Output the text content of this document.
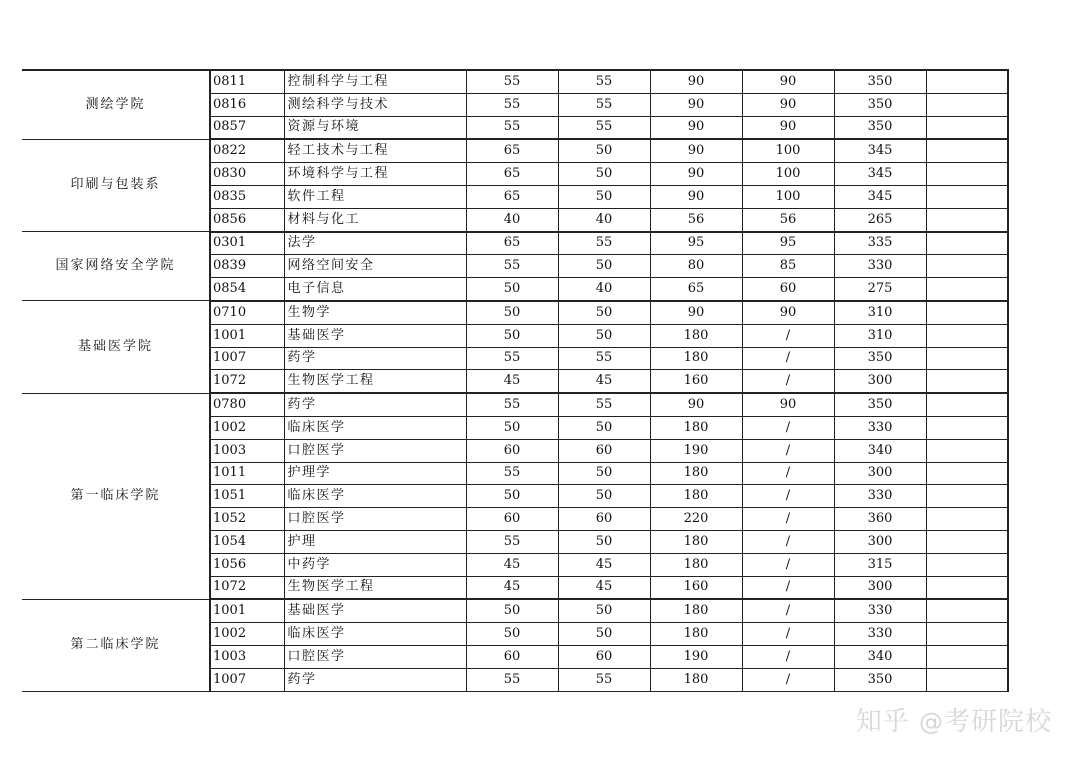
测绘学院	0811	控制科学与工程	55	55	90	90	350	
	0816	测绘科学与技术	55	55	90	90	350	
	0857	资源与环境	55	55	90	90	350	
印刷与包装系	0822	轻工技术与工程	65	50	90	100	345	
	0830	环境科学与工程	65	50	90	100	345	
	0835	软件工程	65	50	90	100	345	
	0856	材料与化工	40	40	56	56	265	
国家网络安全学院	0301	法学	65	55	95	95	335	
	0839	网络空间安全	55	50	80	85	330	
	0854	电子信息	50	40	65	60	275	
基础医学院	0710	生物学	50	50	90	90	310	
	1001	基础医学	50	50	180	/	310	
	1007	药学	55	55	180	/	350	
	1072	生物医学工程	45	45	160	/	300	
第一临床学院	0780	药学	55	55	90	90	350	
	1002	临床医学	50	50	180	/	330	
	1003	口腔医学	60	60	190	/	340	
	1011	护理学	55	50	180	/	300	
	1051	临床医学	50	50	180	/	330	
	1052	口腔医学	60	60	220	/	360	
	1054	护理	55	50	180	/	300	
	1056	中药学	45	45	180	/	315	
	1072	生物医学工程	45	45	160	/	300	
第二临床学院	1001	基础医学	50	50	180	/	330	
	1002	临床医学	50	50	180	/	330	
	1003	口腔医学	60	60	190	/	340	
	1007	药学	55	55	180	/	350	
知乎 @考研院校
